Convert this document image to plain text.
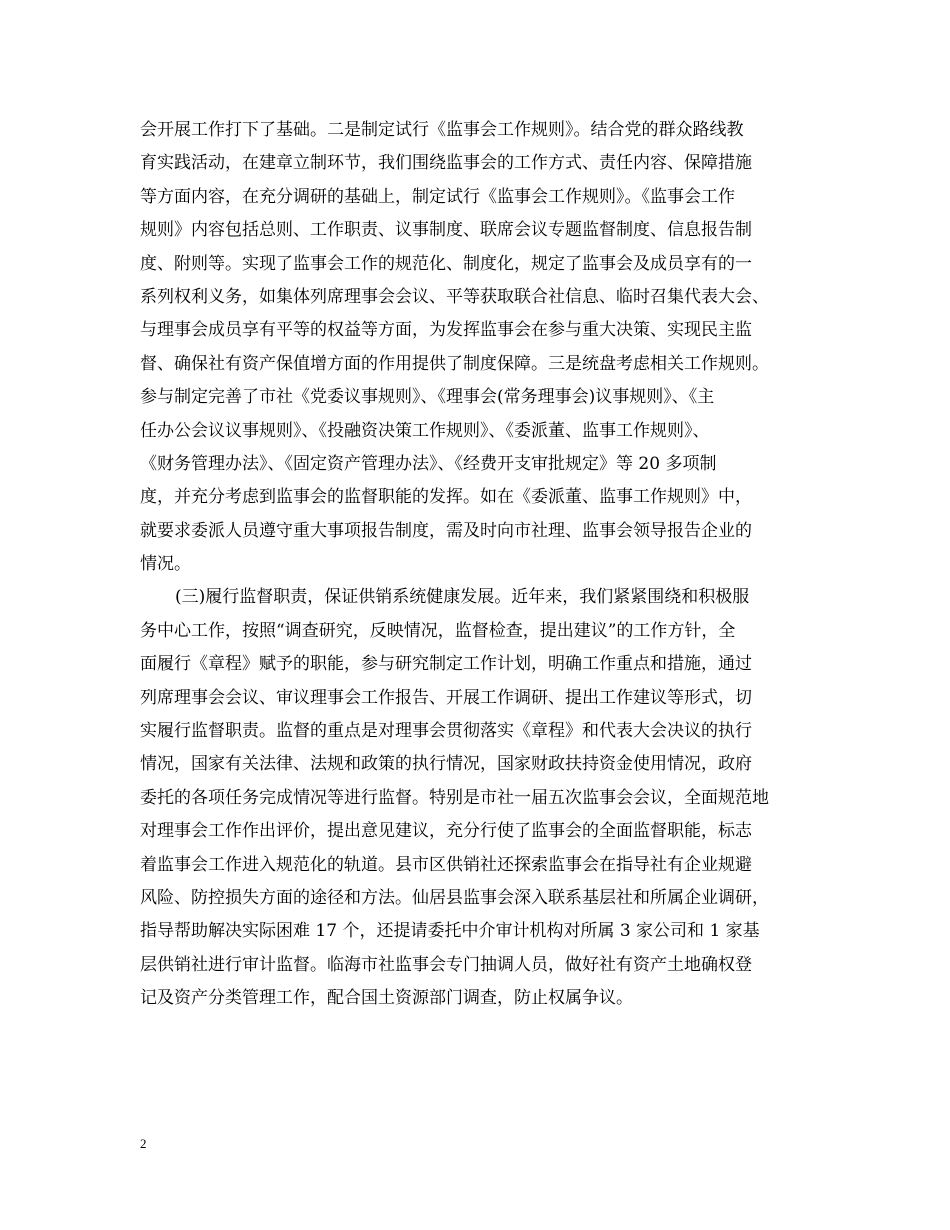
会开展工作打下了基础。二是制定试行《监事会工作规则》。结合党的群众路线教
育实践活动，在建章立制环节，我们围绕监事会的工作方式、责任内容、保障措施
等方面内容，在充分调研的基础上，制定试行《监事会工作规则》。《监事会工作
规则》内容包括总则、工作职责、议事制度、联席会议专题监督制度、信息报告制
度、附则等。实现了监事会工作的规范化、制度化，规定了监事会及成员享有的一
系列权利义务，如集体列席理事会会议、平等获取联合社信息、临时召集代表大会、
与理事会成员享有平等的权益等方面，为发挥监事会在参与重大决策、实现民主监
督、确保社有资产保值增方面的作用提供了制度保障。三是统盘考虑相关工作规则。
参与制定完善了市社《党委议事规则》、《理事会(常务理事会)议事规则》、《主
任办公会议议事规则》、《投融资决策工作规则》、《委派董、监事工作规则》、
《财务管理办法》、《固定资产管理办法》、《经费开支审批规定》等 20 多项制
度，并充分考虑到监事会的监督职能的发挥。如在《委派董、监事工作规则》中，
就要求委派人员遵守重大事项报告制度，需及时向市社理、监事会领导报告企业的
情况。
(三)履行监督职责，保证供销系统健康发展。近年来，我们紧紧围绕和积极服
务中心工作，按照“调查研究，反映情况，监督检查，提出建议”的工作方针，全
面履行《章程》赋予的职能，参与研究制定工作计划，明确工作重点和措施，通过
列席理事会会议、审议理事会工作报告、开展工作调研、提出工作建议等形式，切
实履行监督职责。监督的重点是对理事会贯彻落实《章程》和代表大会决议的执行
情况，国家有关法律、法规和政策的执行情况，国家财政扶持资金使用情况，政府
委托的各项任务完成情况等进行监督。特别是市社一届五次监事会会议，全面规范地
对理事会工作作出评价，提出意见建议，充分行使了监事会的全面监督职能，标志
着监事会工作进入规范化的轨道。县市区供销社还探索监事会在指导社有企业规避
风险、防控损失方面的途径和方法。仙居县监事会深入联系基层社和所属企业调研，
指导帮助解决实际困难 17 个，还提请委托中介审计机构对所属 3 家公司和 1 家基
层供销社进行审计监督。临海市社监事会专门抽调人员，做好社有资产土地确权登
记及资产分类管理工作，配合国土资源部门调查，防止权属争议。
2
